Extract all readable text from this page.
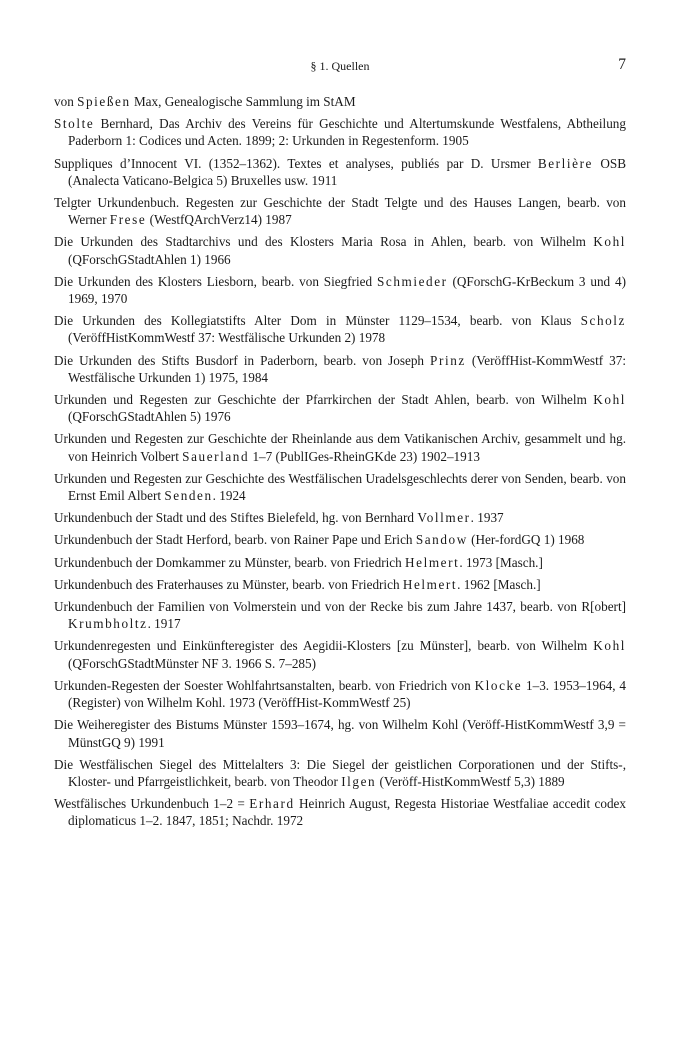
§ 1. Quellen	7

von Spießen Max, Genealogische Sammlung im StAM

Stolte Bernhard, Das Archiv des Vereins für Geschichte und Altertumskunde Westfalens, Abtheilung Paderborn 1: Codices und Acten. 1899; 2: Urkunden in Regestenform. 1905

Suppliques d’Innocent VI. (1352–1362). Textes et analyses, publiés par D. Ursmer Berlière OSB (Analecta Vaticano-Belgica 5) Bruxelles usw. 1911

Telgter Urkundenbuch. Regesten zur Geschichte der Stadt Telgte und des Hauses Langen, bearb. von Werner Frese (WestfQArchVerz14) 1987

Die Urkunden des Stadtarchivs und des Klosters Maria Rosa in Ahlen, bearb. von Wilhelm Kohl (QForschGStadtAhlen 1) 1966

Die Urkunden des Klosters Liesborn, bearb. von Siegfried Schmieder (QForschG-KrBeckum 3 und 4) 1969, 1970

Die Urkunden des Kollegiatstifts Alter Dom in Münster 1129–1534, bearb. von Klaus Scholz (VeröffHistKommWestf 37: Westfälische Urkunden 2) 1978

Die Urkunden des Stifts Busdorf in Paderborn, bearb. von Joseph Prinz (VeröffHist-KommWestf 37: Westfälische Urkunden 1) 1975, 1984

Urkunden und Regesten zur Geschichte der Pfarrkirchen der Stadt Ahlen, bearb. von Wilhelm Kohl (QForschGStadtAhlen 5) 1976

Urkunden und Regesten zur Geschichte der Rheinlande aus dem Vatikanischen Archiv, gesammelt und hg. von Heinrich Volbert Sauerland 1–7 (PublIGes-RheinGKde 23) 1902–1913

Urkunden und Regesten zur Geschichte des Westfälischen Uradelsgeschlechts derer von Senden, bearb. von Ernst Emil Albert Senden. 1924

Urkundenbuch der Stadt und des Stiftes Bielefeld, hg. von Bernhard Vollmer. 1937

Urkundenbuch der Stadt Herford, bearb. von Rainer Pape und Erich Sandow (Her-fordGQ 1) 1968

Urkundenbuch der Domkammer zu Münster, bearb. von Friedrich Helmert. 1973 [Masch.]

Urkundenbuch des Fraterhauses zu Münster, bearb. von Friedrich Helmert. 1962 [Masch.]

Urkundenbuch der Familien von Volmerstein und von der Recke bis zum Jahre 1437, bearb. von R[obert] Krumbholtz. 1917

Urkundenregesten und Einkünfteregister des Aegidii-Klosters [zu Münster], bearb. von Wilhelm Kohl (QForschGStadtMünster NF 3. 1966 S. 7–285)

Urkunden-Regesten der Soester Wohlfahrtsanstalten, bearb. von Friedrich von Klocke 1–3. 1953–1964, 4 (Register) von Wilhelm Kohl. 1973 (VeröffHist-KommWestf 25)

Die Weiheregister des Bistums Münster 1593–1674, hg. von Wilhelm Kohl (Veröff-HistKommWestf 3,9 = MünstGQ 9) 1991

Die Westfälischen Siegel des Mittelalters 3: Die Siegel der geistlichen Corporationen und der Stifts-, Kloster- und Pfarrgeistlichkeit, bearb. von Theodor Ilgen (Veröff-HistKommWestf 5,3) 1889

Westfälisches Urkundenbuch 1–2 = Erhard Heinrich August, Regesta Historiae Westfaliae accedit codex diplomaticus 1–2. 1847, 1851; Nachdr. 1972
